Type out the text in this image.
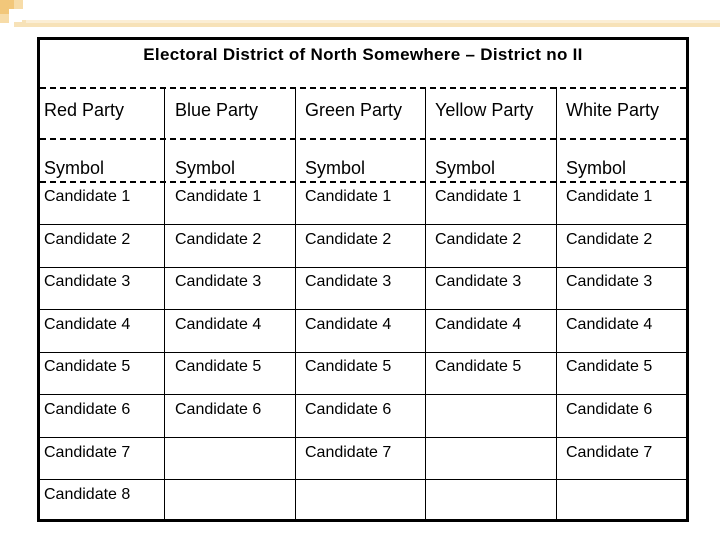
Electoral District of North Somewhere – District no II
Red Party
Symbol
Candidate 1
Candidate 2
Candidate 3
Candidate 4
Candidate 5
Candidate 6
Candidate 7
Candidate 8
Blue Party
Symbol
Candidate 1
Candidate 2
Candidate 3
Candidate 4
Candidate 5
Candidate 6
Green Party
Symbol
Candidate 1
Candidate 2
Candidate 3
Candidate 4
Candidate 5
Candidate 6
Candidate 7
Yellow Party
Symbol
Candidate 1
Candidate 2
Candidate 3
Candidate 4
Candidate 5
White Party
Symbol
Candidate 1
Candidate 2
Candidate 3
Candidate 4
Candidate 5
Candidate 6
Candidate 7
